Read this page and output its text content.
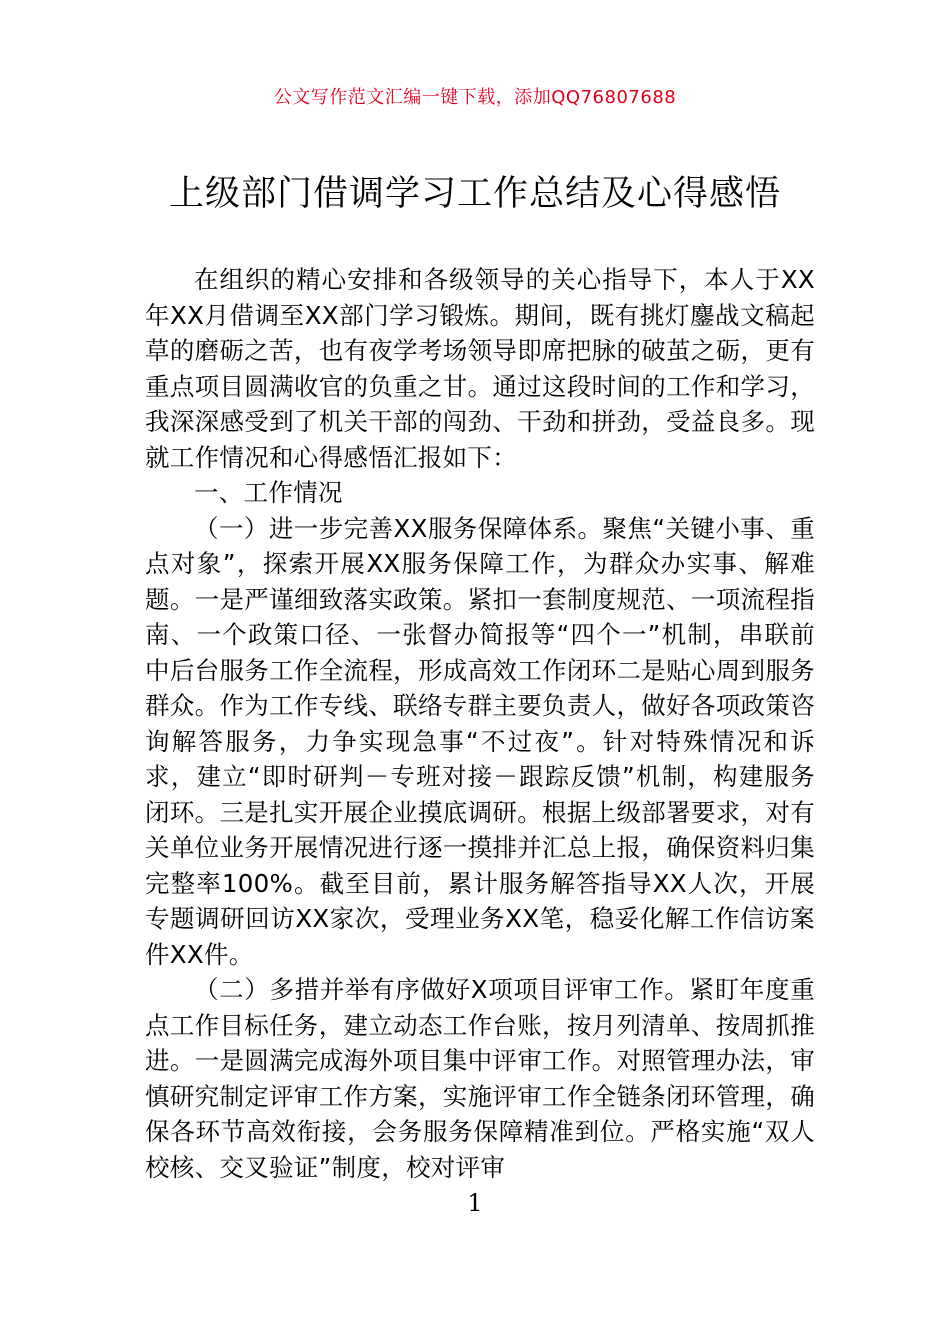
公文写作范文汇编一键下载，添加QQ76807688
上级部门借调学习工作总结及心得感悟

在组织的精心安排和各级领导的关心指导下，本人于XX年XX月借调至XX部门学习锻炼。期间，既有挑灯鏖战文稿起草的磨砺之苦，也有夜学考场领导即席把脉的破茧之砺，更有重点项目圆满收官的负重之甘。通过这段时间的工作和学习，我深深感受到了机关干部的闯劲、干劲和拼劲，受益良多。现就工作情况和心得感悟汇报如下：

一、工作情况

（一）进一步完善XX服务保障体系。聚焦“关键小事、重点对象”，探索开展XX服务保障工作，为群众办实事、解难题。一是严谨细致落实政策。紧扣一套制度规范、一项流程指南、一个政策口径、一张督办简报等“四个一”机制，串联前中后台服务工作全流程，形成高效工作闭环二是贴心周到服务群众。作为工作专线、联络专群主要负责人，做好各项政策咨询解答服务，力争实现急事“不过夜”。针对特殊情况和诉求，建立“即时研判－专班对接－跟踪反馈”机制，构建服务闭环。三是扎实开展企业摸底调研。根据上级部署要求，对有关单位业务开展情况进行逐一摸排并汇总上报，确保资料归集完整率100%。截至目前，累计服务解答指导XX人次，开展专题调研回访XX家次，受理业务XX笔，稳妥化解工作信访案件XX件。

（二）多措并举有序做好X项项目评审工作。紧盯年度重点工作目标任务，建立动态工作台账，按月列清单、按周抓推进。一是圆满完成海外项目集中评审工作。对照管理办法，审慎研究制定评审工作方案，实施评审工作全链条闭环管理，确保各环节高效衔接，会务服务保障精准到位。严格实施“双人校核、交叉验证”制度，校对评审

1
